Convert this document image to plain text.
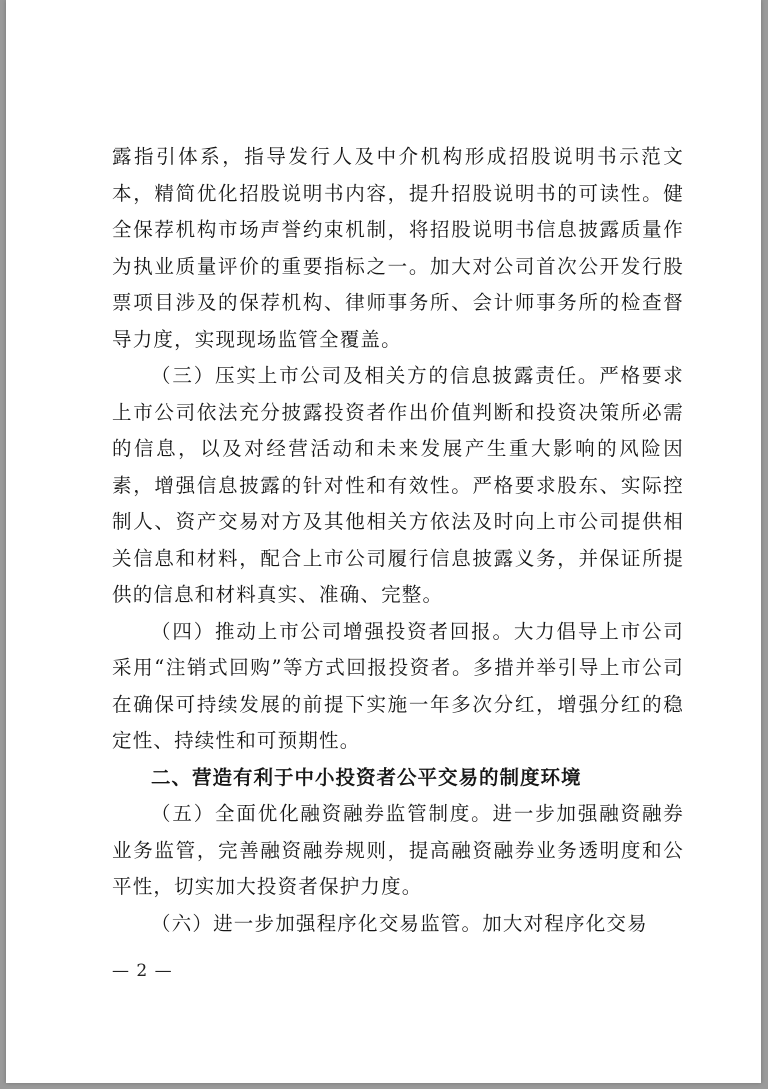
露指引体系，指导发行人及中介机构形成招股说明书示范文本，精简优化招股说明书内容，提升招股说明书的可读性。健全保荐机构市场声誉约束机制，将招股说明书信息披露质量作为执业质量评价的重要指标之一。加大对公司首次公开发行股票项目涉及的保荐机构、律师事务所、会计师事务所的检查督导力度，实现现场监管全覆盖。

（三）压实上市公司及相关方的信息披露责任。严格要求上市公司依法充分披露投资者作出价值判断和投资决策所必需的信息，以及对经营活动和未来发展产生重大影响的风险因素，增强信息披露的针对性和有效性。严格要求股东、实际控制人、资产交易对方及其他相关方依法及时向上市公司提供相关信息和材料，配合上市公司履行信息披露义务，并保证所提供的信息和材料真实、准确、完整。

（四）推动上市公司增强投资者回报。大力倡导上市公司采用“注销式回购”等方式回报投资者。多措并举引导上市公司在确保可持续发展的前提下实施一年多次分红，增强分红的稳定性、持续性和可预期性。

二、营造有利于中小投资者公平交易的制度环境

（五）全面优化融资融券监管制度。进一步加强融资融券业务监管，完善融资融券规则，提高融资融券业务透明度和公平性，切实加大投资者保护力度。

（六）进一步加强程序化交易监管。加大对程序化交易

— 2 —
